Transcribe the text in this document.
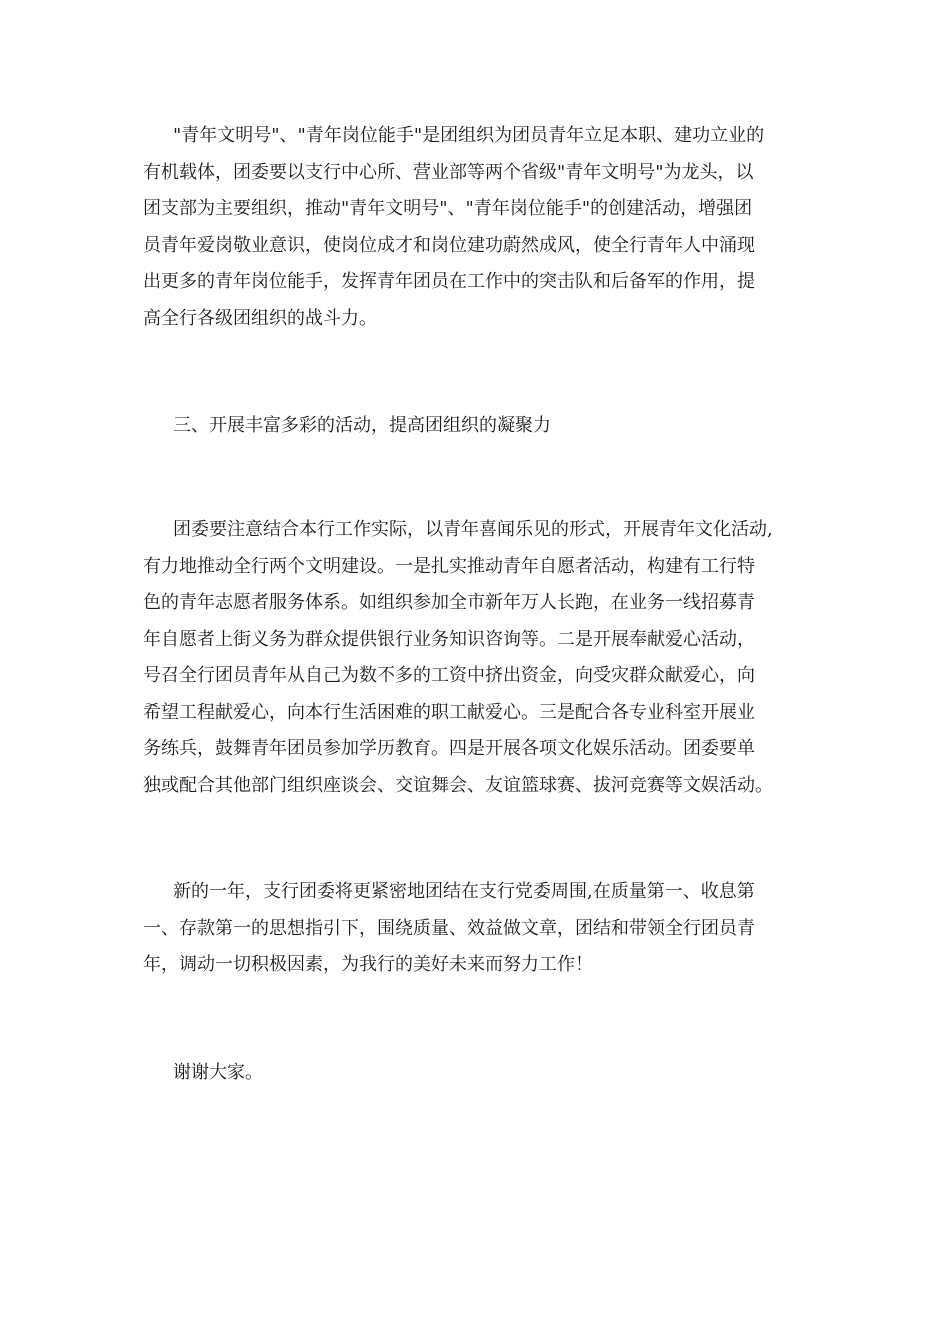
"青年文明号"、"青年岗位能手"是团组织为团员青年立足本职、建功立业的
有机载体，团委要以支行中心所、营业部等两个省级"青年文明号"为龙头，以
团支部为主要组织，推动"青年文明号"、"青年岗位能手"的创建活动，增强团
员青年爱岗敬业意识，使岗位成才和岗位建功蔚然成风，使全行青年人中涌现
出更多的青年岗位能手，发挥青年团员在工作中的突击队和后备军的作用，提
高全行各级团组织的战斗力。

三、开展丰富多彩的活动，提高团组织的凝聚力

团委要注意结合本行工作实际，以青年喜闻乐见的形式，开展青年文化活动,
有力地推动全行两个文明建设。一是扎实推动青年自愿者活动，构建有工行特
色的青年志愿者服务体系。如组织参加全市新年万人长跑，在业务一线招募青
年自愿者上街义务为群众提供银行业务知识咨询等。二是开展奉献爱心活动，
号召全行团员青年从自己为数不多的工资中挤出资金，向受灾群众献爱心，向
希望工程献爱心，向本行生活困难的职工献爱心。三是配合各专业科室开展业
务练兵，鼓舞青年团员参加学历教育。四是开展各项文化娱乐活动。团委要单
独或配合其他部门组织座谈会、交谊舞会、友谊篮球赛、拔河竞赛等文娱活动。

新的一年，支行团委将更紧密地团结在支行党委周围,在质量第一、收息第
一、存款第一的思想指引下，围绕质量、效益做文章，团结和带领全行团员青
年，调动一切积极因素，为我行的美好未来而努力工作！

谢谢大家。
